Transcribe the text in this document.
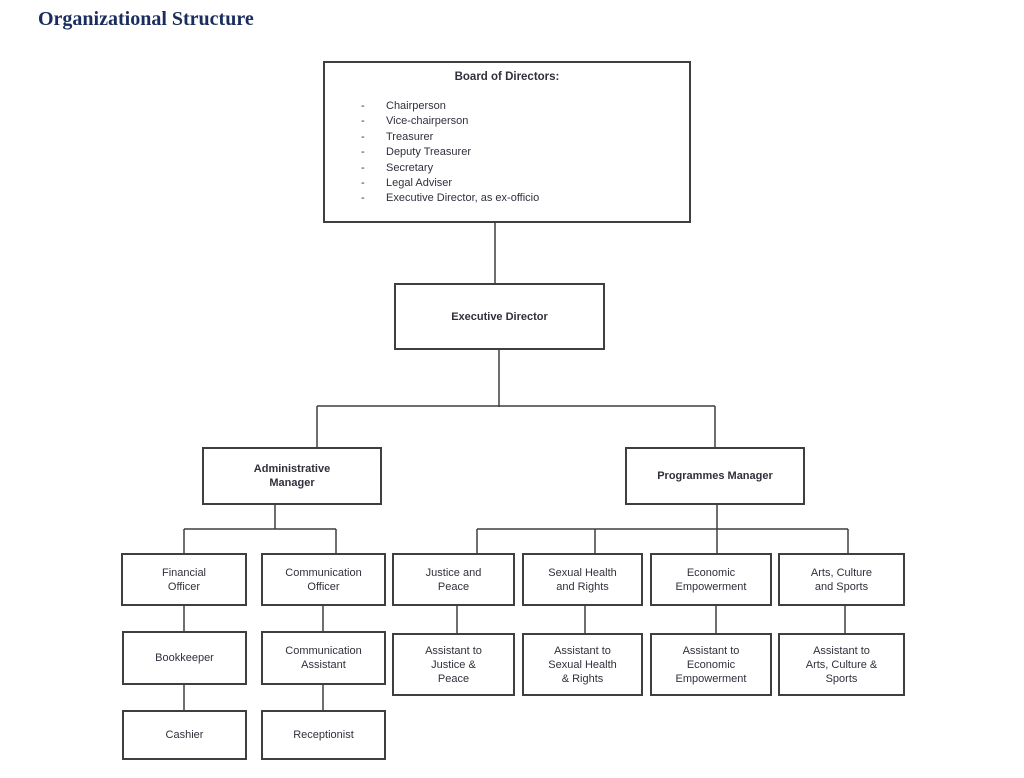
Organizational Structure
Board of Directors:
-	Chairperson
-	Vice-chairperson
-	Treasurer
-	Deputy Treasurer
-	Secretary
-	Legal Adviser
-	Executive Director, as ex-officio
Executive Director
Administrative
Manager
Programmes Manager
Financial
Officer
Communication
Officer
Justice and
Peace
Sexual Health
and Rights
Economic
Empowerment
Arts, Culture
and Sports
Bookkeeper
Communication
Assistant
Assistant to
Justice &
Peace
Assistant to
Sexual Health
& Rights
Assistant to
Economic
Empowerment
Assistant to
Arts, Culture &
Sports
Cashier	Receptionist
